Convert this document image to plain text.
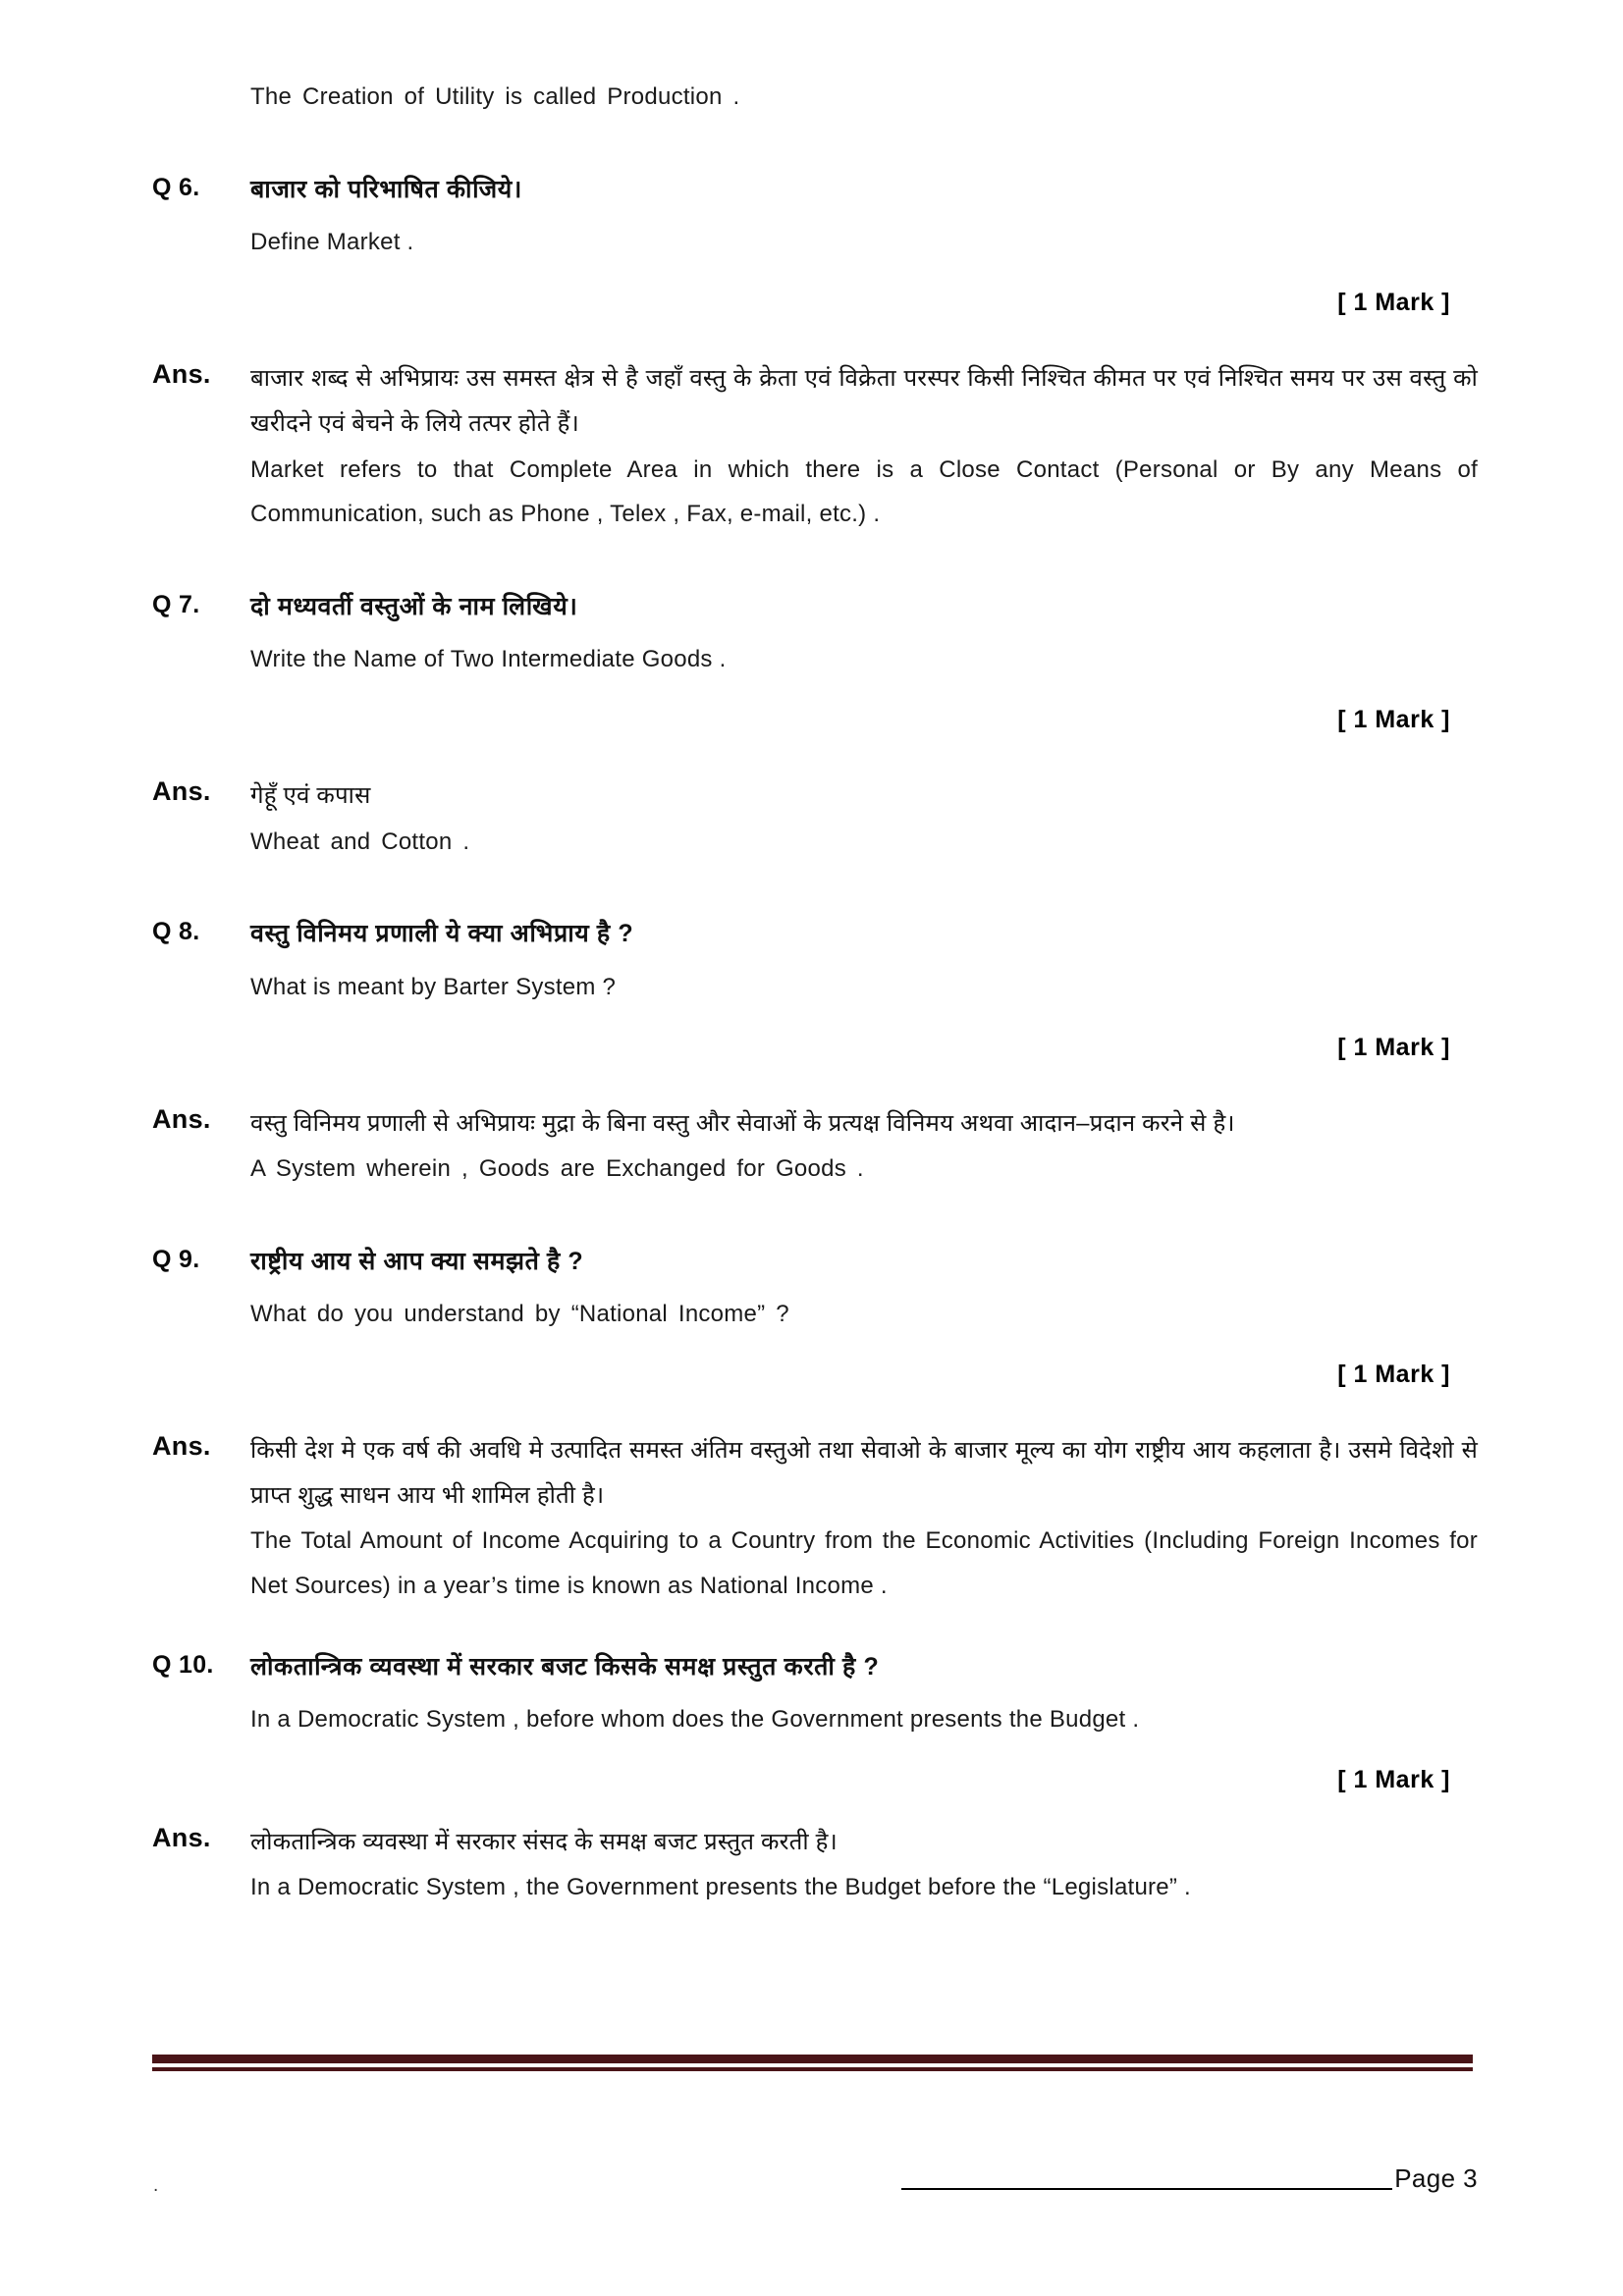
The Creation of Utility is called Production .
Q 6.	बाजार को परिभाषित कीजिये।
Define Market .
[ 1 Mark ]
Ans.	बाजार शब्द से अभिप्रायः उस समस्त क्षेत्र से है जहाँ वस्तु के क्रेता एवं विक्रेता परस्पर किसी निश्चित कीमत पर एवं निश्चित समय पर उस वस्तु को खरीदने एवं बेचने के लिये तत्पर होते हैं।
Market refers to that Complete Area in which there is a Close Contact (Personal or By any Means of Communication, such as Phone , Telex , Fax, e-mail, etc.) .
Q 7.	दो मध्यवर्ती वस्तुओं के नाम लिखिये।
Write the Name of Two Intermediate Goods .
[ 1 Mark ]
Ans.	गेहूँ एवं कपास
Wheat and Cotton .
Q 8.	वस्तु विनिमय प्रणाली ये क्या अभिप्राय है ?
What is meant by Barter System ?
[ 1 Mark ]
Ans.	वस्तु विनिमय प्रणाली से अभिप्रायः मुद्रा के बिना वस्तु और सेवाओं के प्रत्यक्ष विनिमय अथवा आदान–प्रदान करने से है।
A System wherein , Goods are Exchanged for Goods .
Q 9.	राष्ट्रीय आय से आप क्या समझते है ?
What do you understand by “National Income” ?
[ 1 Mark ]
Ans.	किसी देश मे एक वर्ष की अवधि मे उत्पादित समस्त अंतिम वस्तुओ तथा सेवाओ के बाजार मूल्य का योग राष्ट्रीय आय कहलाता है। उसमे विदेशो से प्राप्त शुद्ध साधन आय भी शामिल होती है।
The Total Amount of Income Acquiring to a Country from the Economic Activities (Including Foreign Incomes for Net Sources) in a year’s time is known as National Income .
Q 10.	लोकतान्त्रिक व्यवस्था में सरकार बजट किसके समक्ष प्रस्तुत करती है ?
In a Democratic System , before whom does the Government presents the Budget .
[ 1 Mark ]
Ans.	लोकतान्त्रिक व्यवस्था में सरकार संसद के समक्ष बजट प्रस्तुत करती है।
In a Democratic System , the Government presents the Budget before the “Legislature” .
.	Page 3
